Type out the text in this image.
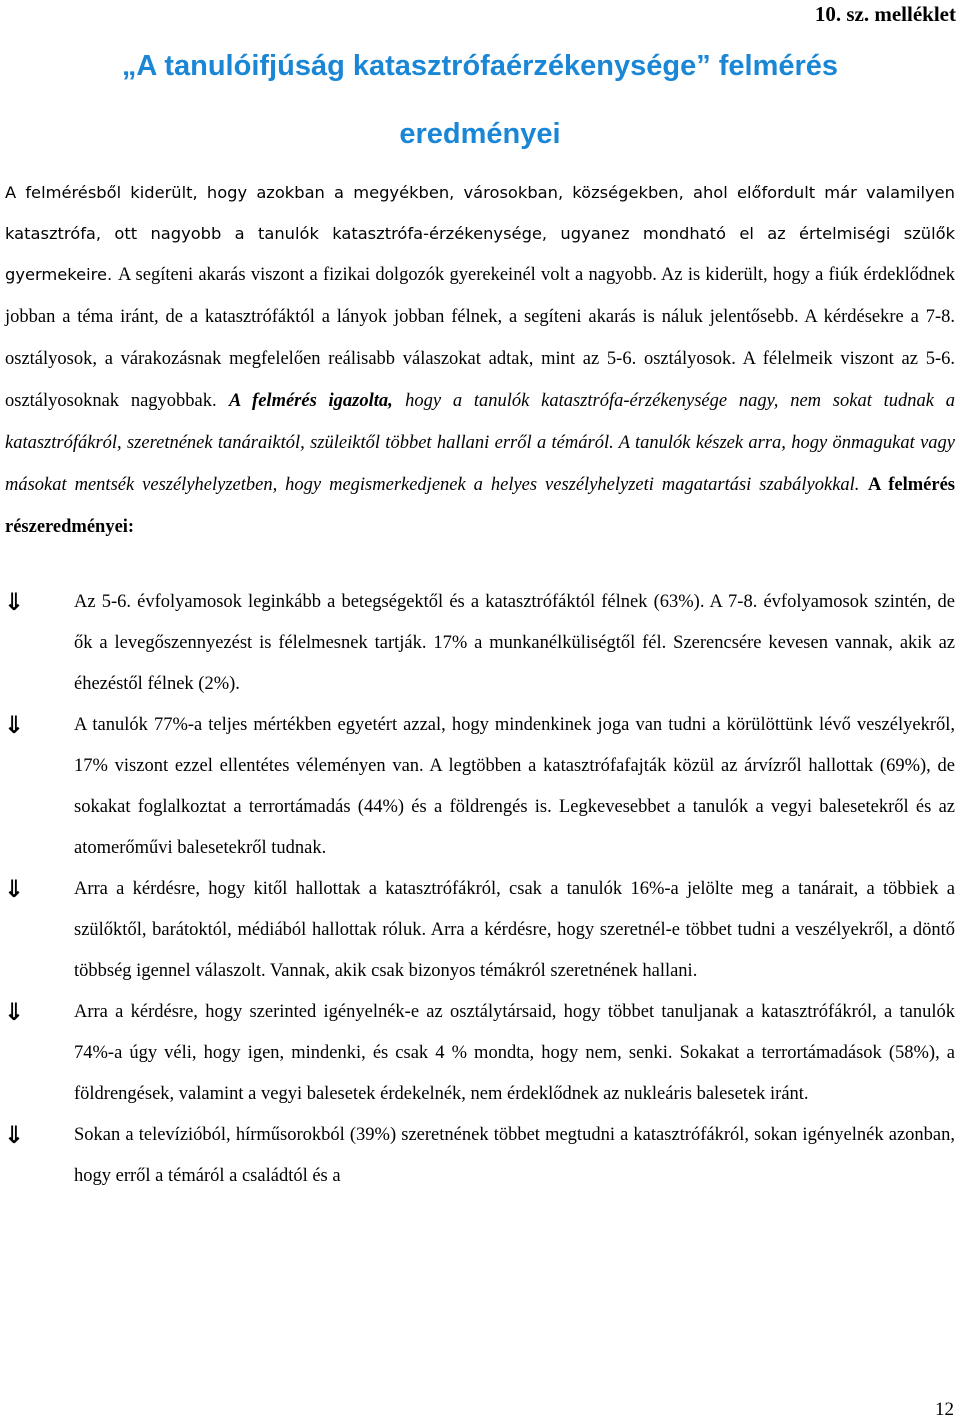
10. sz. melléklet
„A tanulóifjúság katasztrófaérzékenysége” felmérés
eredményei
A felmérésből kiderült, hogy azokban a megyékben, városokban, községekben, ahol előfordult már valamilyen katasztrófa, ott nagyobb a tanulók katasztrófa-érzékenysége, ugyanez mondható el az értelmiségi szülők gyermekeire. A segíteni akarás viszont a fizikai dolgozók gyerekeinél volt a nagyobb. Az is kiderült, hogy a fiúk érdeklődnek jobban a téma iránt, de a katasztrófáktól a lányok jobban félnek, a segíteni akarás is náluk jelentősebb. A kérdésekre a 7-8. osztályosok, a várakozásnak megfelelően reálisabb válaszokat adtak, mint az 5-6. osztályosok. A félelmeik viszont az 5-6. osztályosoknak nagyobbak. A felmérés igazolta, hogy a tanulók katasztrófa-érzékenysége nagy, nem sokat tudnak a katasztrófákról, szeretnének tanáraiktól, szüleiktől többet hallani erről a témáról. A tanulók készek arra, hogy önmagukat vagy másokat mentsék veszélyhelyzetben, hogy megismerkedjenek a helyes veszélyhelyzeti magatartási szabályokkal. A felmérés részeredményei:
⇓	Az 5-6. évfolyamosok leginkább a betegségektől és a katasztrófáktól félnek (63%). A 7-8. évfolyamosok szintén, de ők a levegőszennyezést is félelmesnek tartják. 17% a munkanélküliségtől fél. Szerencsére kevesen vannak, akik az éhezéstől félnek (2%).
⇓	A tanulók 77%-a teljes mértékben egyetért azzal, hogy mindenkinek joga van tudni a körülöttünk lévő veszélyekről, 17% viszont ezzel ellentétes véleményen van. A legtöbben a katasztrófafajták közül az árvízről hallottak (69%), de sokakat foglalkoztat a terrortámadás (44%) és a földrengés is. Legkevesebbet a tanulók a vegyi balesetekről és az atomerőművi balesetekről tudnak.
⇓	Arra a kérdésre, hogy kitől hallottak a katasztrófákról, csak a tanulók 16%-a jelölte meg a tanárait, a többiek a szülőktől, barátoktól, médiából hallottak róluk. Arra a kérdésre, hogy szeretnél-e többet tudni a veszélyekről, a döntő többség igennel válaszolt. Vannak, akik csak bizonyos témákról szeretnének hallani.
⇓	Arra a kérdésre, hogy szerinted igényelnék-e az osztálytársaid, hogy többet tanuljanak a katasztrófákról, a tanulók 74%-a úgy véli, hogy igen, mindenki, és csak 4 % mondta, hogy nem, senki. Sokakat a terrortámadások (58%), a földrengések, valamint a vegyi balesetek érdekelnék, nem érdeklődnek az nukleáris balesetek iránt.
⇓	Sokan a televízióból, hírműsorokból (39%) szeretnének többet megtudni a katasztrófákról, sokan igényelnék azonban, hogy erről a témáról a családtól és a
12
